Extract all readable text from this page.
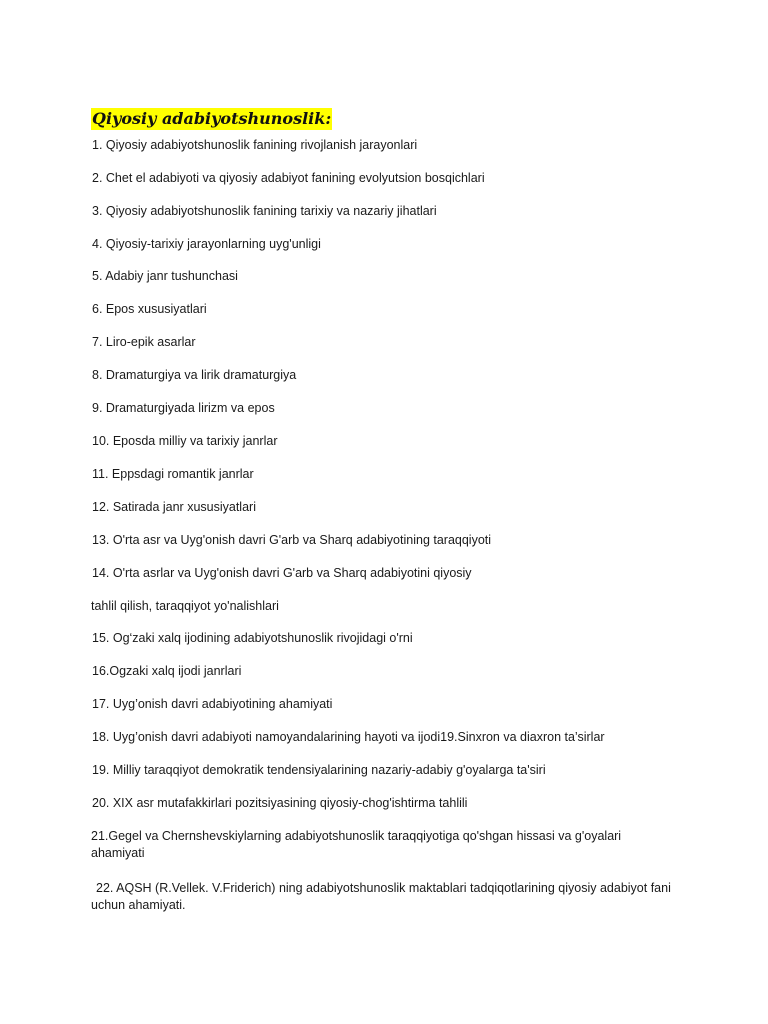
Qiyosiy adabiyotshunoslik:

1. Qiyosiy adabiyotshunoslik fanining rivojlanish jarayonlari

2. Chet el adabiyoti va qiyosiy adabiyot fanining evolyutsion bosqichlari

3. Qiyosiy adabiyotshunoslik fanining tarixiy va nazariy jihatlari

4. Qiyosiy-tarixiy jarayonlarning uyg'unligi

5. Adabiy janr tushunchasi

6. Epos xususiyatlari

7. Liro-epik asarlar

8. Dramaturgiya va lirik dramaturgiya

9. Dramaturgiyada lirizm va epos

10. Eposda milliy va tarixiy janrlar

11. Eppsdagi romantik janrlar

12. Satirada janr xususiyatlari

13. O'rta asr va Uyg'onish davri G'arb va Sharq adabiyotining taraqqiyoti

14. O'rta asrlar va Uyg'onish davri G'arb va Sharq adabiyotini qiyosiy

tahlil qilish, taraqqiyot yo'nalishlari

15. Og‘zaki xalq ijodining adabiyotshunoslik rivojidagi o'rni

16.Ogzaki xalq ijodi janrlari

17. Uyg’onish davri adabiyotining ahamiyati

18. Uyg’onish davri adabiyoti namoyandalarining hayoti va ijodi19.Sinxron va diaxron ta’sirlar

19. Milliy taraqqiyot demokratik tendensiyalarining nazariy-adabiy g'oyalarga ta'siri

20. XIX asr mutafakkirlari pozitsiyasining qiyosiy-chog'ishtirma tahlili

21.Gegel va Chernshevskiylarning adabiyotshunoslik taraqqiyotiga qo'shgan hissasi va g'oyalari ahamiyati

22. AQSH (R.Vellek. V.Friderich) ning adabiyotshunoslik maktablari tadqiqotlarining qiyosiy adabiyot fani uchun ahamiyati.
